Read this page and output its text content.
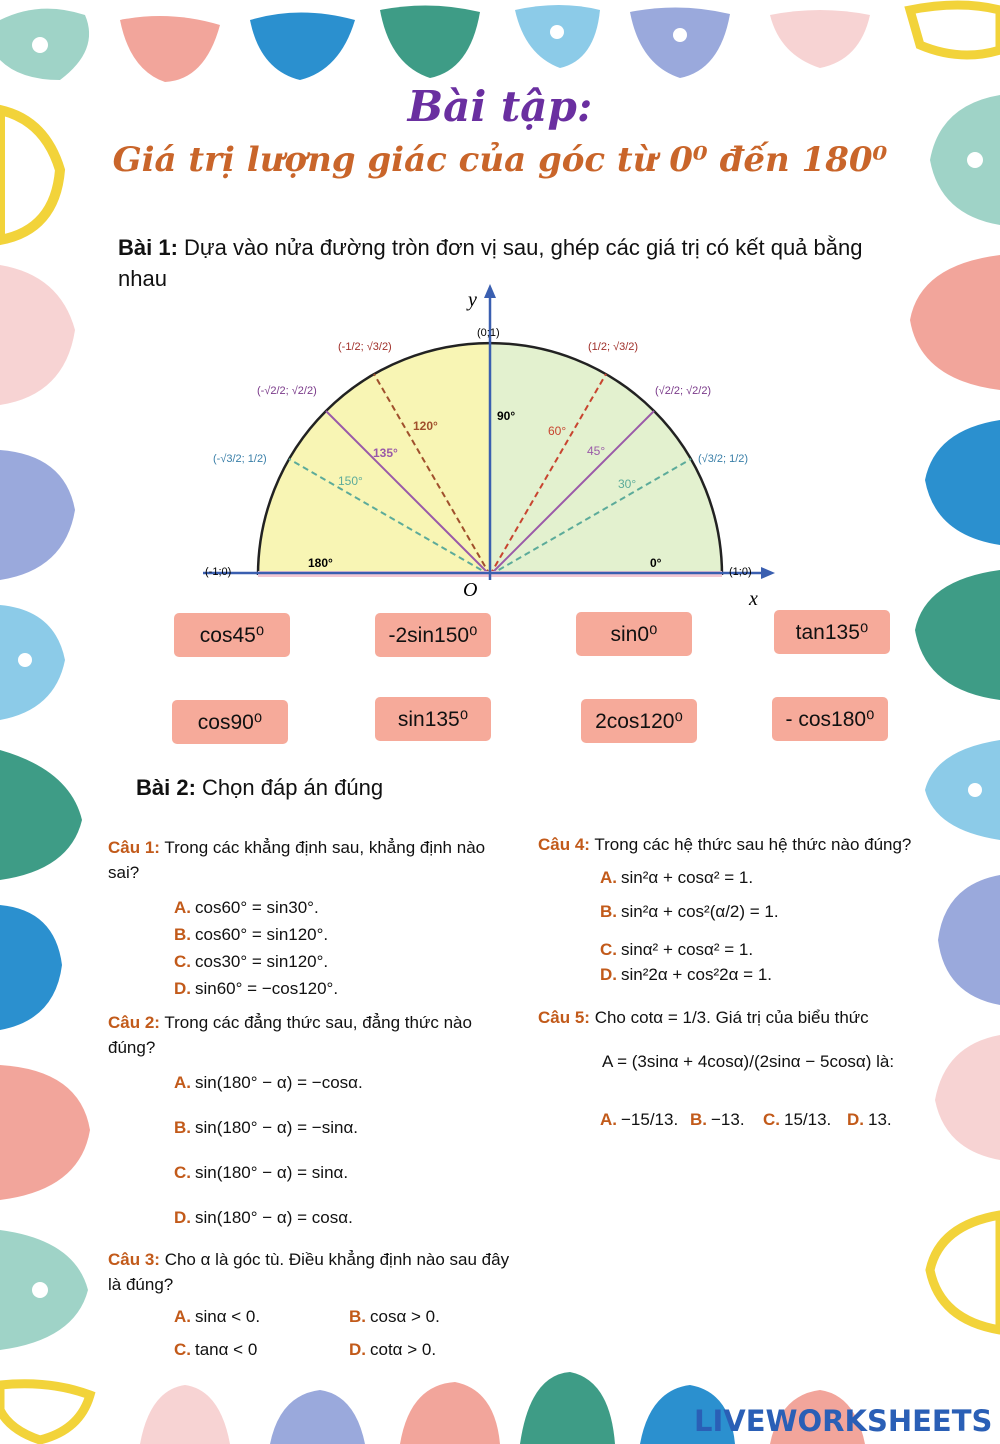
Bài tập:
Giá trị lượng giác của góc từ 0⁰ đến 180⁰
Bài 1: Dựa vào nửa đường tròn đơn vị sau, ghép các giá trị có kết quả bằng nhau
y
x
O
0°
30°
45°
60°
90°
120°
135°
150°
180°
(0;1)
(1;0)
(-1;0)
(√3/2; 1/2)
(√2/2; √2/2)
(1/2; √3/2)
(-1/2; √3/2)
(-√2/2; √2/2)
(-√3/2; 1/2)
cos45⁰	-2sin150⁰	sin0⁰	tan135⁰
cos90⁰	sin135⁰	2cos120⁰	- cos180⁰
Bài 2: Chọn đáp án đúng
Câu 1: Trong các khẳng định sau, khẳng định nào sai?
A. cos60° = sin30°.
B. cos60° = sin120°.
C. cos30° = sin120°.
D. sin60° = −cos120°.
Câu 2: Trong các đẳng thức sau, đẳng thức nào đúng?
A. sin(180° − α) = −cosα.
B. sin(180° − α) = −sinα.
C. sin(180° − α) = sinα.
D. sin(180° − α) = cosα.
Câu 3: Cho α là góc tù. Điều khẳng định nào sau đây là đúng?
A. sinα < 0.	B. cosα > 0.
C. tanα < 0	D. cotα > 0.
Câu 4: Trong các hệ thức sau hệ thức nào đúng?
A. sin²α + cosα² = 1.
B. sin²α + cos²(α/2) = 1.
C. sinα² + cosα² = 1.
D. sin²2α + cos²2α = 1.
Câu 5: Cho cotα = 1/3. Giá trị của biểu thức
A = (3sinα + 4cosα)/(2sinα − 5cosα) là:
A. −15/13. B. −13. C. 15/13. D. 13.
LIVEWORKSHEETS
